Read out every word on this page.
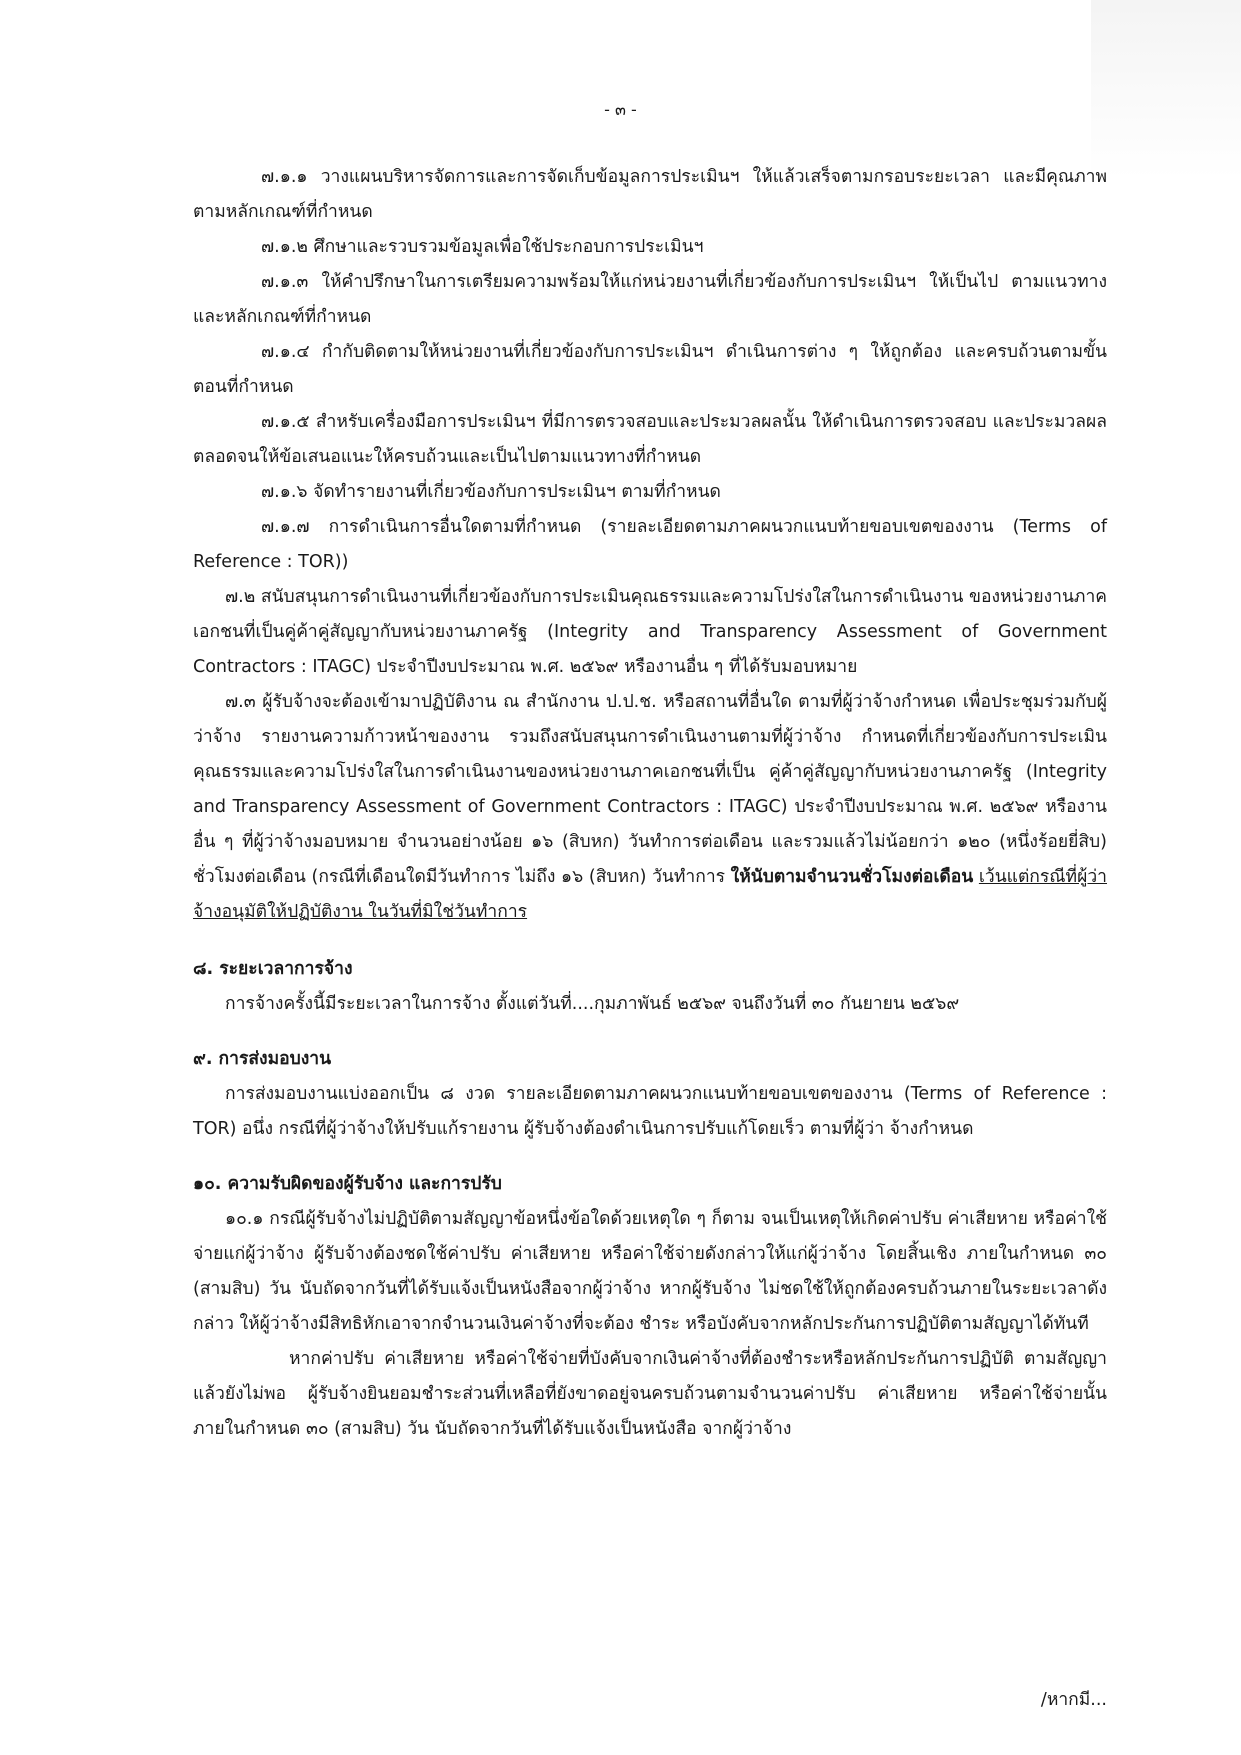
- ๓ -

๗.๑.๑ วางแผนบริหารจัดการและการจัดเก็บข้อมูลการประเมินฯ ให้แล้วเสร็จตามกรอบระยะเวลา และมีคุณภาพตามหลักเกณฑ์ที่กำหนด

๗.๑.๒ ศึกษาและรวบรวมข้อมูลเพื่อใช้ประกอบการประเมินฯ

๗.๑.๓ ให้คำปรึกษาในการเตรียมความพร้อมให้แก่หน่วยงานที่เกี่ยวข้องกับการประเมินฯ ให้เป็นไป ตามแนวทางและหลักเกณฑ์ที่กำหนด

๗.๑.๔ กำกับติดตามให้หน่วยงานที่เกี่ยวข้องกับการประเมินฯ ดำเนินการต่าง ๆ ให้ถูกต้อง และครบถ้วนตามขั้นตอนที่กำหนด

๗.๑.๕ สำหรับเครื่องมือการประเมินฯ ที่มีการตรวจสอบและประมวลผลนั้น ให้ดำเนินการตรวจสอบ และประมวลผล ตลอดจนให้ข้อเสนอแนะให้ครบถ้วนและเป็นไปตามแนวทางที่กำหนด

๗.๑.๖ จัดทำรายงานที่เกี่ยวข้องกับการประเมินฯ ตามที่กำหนด

๗.๑.๗ การดำเนินการอื่นใดตามที่กำหนด (รายละเอียดตามภาคผนวกแนบท้ายขอบเขตของงาน (Terms of Reference : TOR))

๗.๒ สนับสนุนการดำเนินงานที่เกี่ยวข้องกับการประเมินคุณธรรมและความโปร่งใสในการดำเนินงาน ของหน่วยงานภาคเอกชนที่เป็นคู่ค้าคู่สัญญากับหน่วยงานภาครัฐ (Integrity and Transparency Assessment of Government Contractors : ITAGC) ประจำปีงบประมาณ พ.ศ. ๒๕๖๙ หรืองานอื่น ๆ ที่ได้รับมอบหมาย

๗.๓ ผู้รับจ้างจะต้องเข้ามาปฏิบัติงาน ณ สำนักงาน ป.ป.ช. หรือสถานที่อื่นใด ตามที่ผู้ว่าจ้างกำหนด เพื่อประชุมร่วมกับผู้ว่าจ้าง รายงานความก้าวหน้าของงาน รวมถึงสนับสนุนการดำเนินงานตามที่ผู้ว่าจ้าง กำหนดที่เกี่ยวข้องกับการประเมินคุณธรรมและความโปร่งใสในการดำเนินงานของหน่วยงานภาคเอกชนที่เป็น คู่ค้าคู่สัญญากับหน่วยงานภาครัฐ (Integrity and Transparency Assessment of Government Contractors : ITAGC) ประจำปีงบประมาณ พ.ศ. ๒๕๖๙ หรืองานอื่น ๆ ที่ผู้ว่าจ้างมอบหมาย จำนวนอย่างน้อย ๑๖ (สิบหก) วันทำการต่อเดือน และรวมแล้วไม่น้อยกว่า ๑๒๐ (หนึ่งร้อยยี่สิบ) ชั่วโมงต่อเดือน (กรณีที่เดือนใดมีวันทำการ ไม่ถึง ๑๖ (สิบหก) วันทำการ ให้นับตามจำนวนชั่วโมงต่อเดือน เว้นแต่กรณีที่ผู้ว่าจ้างอนุมัติให้ปฏิบัติงาน ในวันที่มิใช่วันทำการ

๘. ระยะเวลาการจ้าง

การจ้างครั้งนี้มีระยะเวลาในการจ้าง ตั้งแต่วันที่....กุมภาพันธ์ ๒๕๖๙ จนถึงวันที่ ๓๐ กันยายน ๒๕๖๙

๙. การส่งมอบงาน

การส่งมอบงานแบ่งออกเป็น ๘ งวด รายละเอียดตามภาคผนวกแนบท้ายขอบเขตของงาน (Terms of Reference : TOR) อนึ่ง กรณีที่ผู้ว่าจ้างให้ปรับแก้รายงาน ผู้รับจ้างต้องดำเนินการปรับแก้โดยเร็ว ตามที่ผู้ว่า จ้างกำหนด

๑๐. ความรับผิดของผู้รับจ้าง และการปรับ

๑๐.๑ กรณีผู้รับจ้างไม่ปฏิบัติตามสัญญาข้อหนึ่งข้อใดด้วยเหตุใด ๆ ก็ตาม จนเป็นเหตุให้เกิดค่าปรับ ค่าเสียหาย หรือค่าใช้จ่ายแก่ผู้ว่าจ้าง ผู้รับจ้างต้องชดใช้ค่าปรับ ค่าเสียหาย หรือค่าใช้จ่ายดังกล่าวให้แก่ผู้ว่าจ้าง โดยสิ้นเชิง ภายในกำหนด ๓๐ (สามสิบ) วัน นับถัดจากวันที่ได้รับแจ้งเป็นหนังสือจากผู้ว่าจ้าง หากผู้รับจ้าง ไม่ชดใช้ให้ถูกต้องครบถ้วนภายในระยะเวลาดังกล่าว ให้ผู้ว่าจ้างมีสิทธิหักเอาจากจำนวนเงินค่าจ้างที่จะต้อง ชำระ หรือบังคับจากหลักประกันการปฏิบัติตามสัญญาได้ทันที

หากค่าปรับ ค่าเสียหาย หรือค่าใช้จ่ายที่บังคับจากเงินค่าจ้างที่ต้องชำระหรือหลักประกันการปฏิบัติ ตามสัญญาแล้วยังไม่พอ ผู้รับจ้างยินยอมชำระส่วนที่เหลือที่ยังขาดอยู่จนครบถ้วนตามจำนวนค่าปรับ ค่าเสียหาย หรือค่าใช้จ่ายนั้น ภายในกำหนด ๓๐ (สามสิบ) วัน นับถัดจากวันที่ได้รับแจ้งเป็นหนังสือ จากผู้ว่าจ้าง

/หากมี...
